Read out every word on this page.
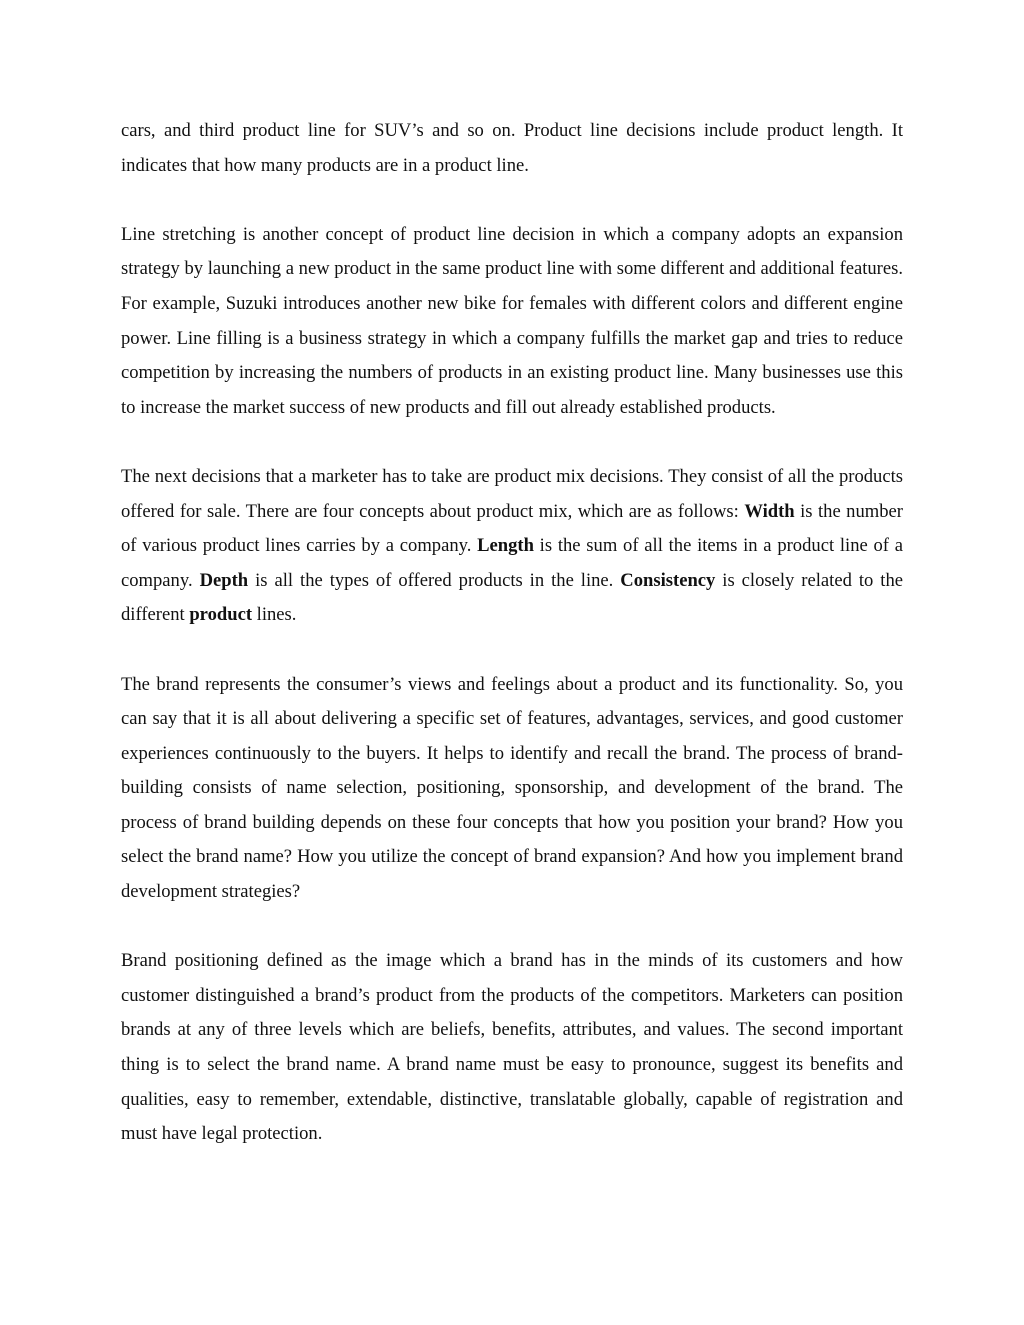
cars, and third product line for SUV’s and so on. Product line decisions include product length. It indicates that how many products are in a product line.

Line stretching is another concept of product line decision in which a company adopts an expansion strategy by launching a new product in the same product line with some different and additional features. For example, Suzuki introduces another new bike for females with different colors and different engine power. Line filling is a business strategy in which a company fulfills the market gap and tries to reduce competition by increasing the numbers of products in an existing product line. Many businesses use this to increase the market success of new products and fill out already established products.

The next decisions that a marketer has to take are product mix decisions. They consist of all the products offered for sale. There are four concepts about product mix, which are as follows: Width is the number of various product lines carries by a company. Length is the sum of all the items in a product line of a company. Depth is all the types of offered products in the line. Consistency is closely related to the different product lines.

The brand represents the consumer’s views and feelings about a product and its functionality. So, you can say that it is all about delivering a specific set of features, advantages, services, and good customer experiences continuously to the buyers. It helps to identify and recall the brand. The process of brand-building consists of name selection, positioning, sponsorship, and development of the brand. The process of brand building depends on these four concepts that how you position your brand? How you select the brand name? How you utilize the concept of brand expansion? And how you implement brand development strategies?

Brand positioning defined as the image which a brand has in the minds of its customers and how customer distinguished a brand’s product from the products of the competitors. Marketers can position brands at any of three levels which are beliefs, benefits, attributes, and values. The second important thing is to select the brand name. A brand name must be easy to pronounce, suggest its benefits and qualities, easy to remember, extendable, distinctive, translatable globally, capable of registration and must have legal protection.
